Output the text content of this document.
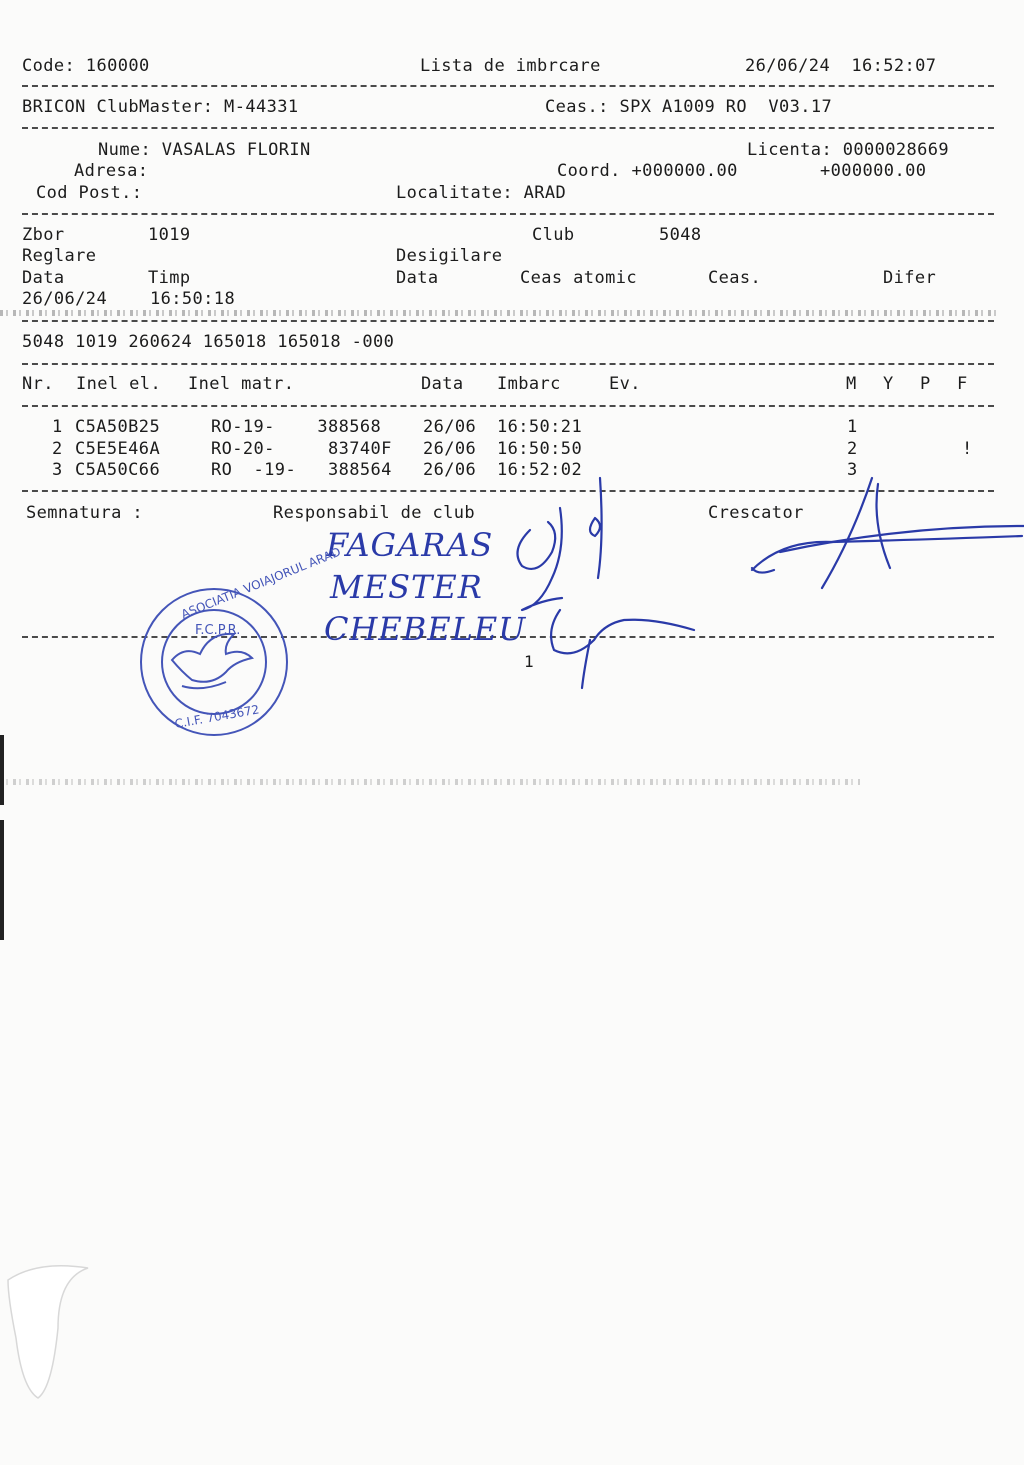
Code: 160000	Lista de imbrcare	26/06/24  16:52:07
BRICON ClubMaster: M-44331	Ceas.: SPX A1009 RO  V03.17
Nume: VASALAS FLORIN	Licenta: 0000028669
Adresa:	Coord. +000000.00	+000000.00
Cod Post.:	Localitate: ARAD
Zbor	1019	Club	5048
Reglare	Desigilare
Data	Timp	Data	Ceas atomic	Ceas.	Difer
26/06/24	16:50:18
5048 1019 260624 165018 165018 -000
Nr. Inel el. Inel matr.	Data Imbarc	Ev.	M Y P F
1 C5A50B25	RO-19-    388568 26/06 16:50:21	1
2 C5E5E46A	RO-20-     83740F 26/06 16:50:50	2	!
3 C5A50C66	RO  -19-   388564 26/06 16:52:02	3
Semnatura :	Responsabil de club	Crescator
1
FAGARAS
MESTER
CHEBELEU
ASOCIATIA VOIAJORUL ARAD
F.C.P.R.
C.I.F. 7043672
